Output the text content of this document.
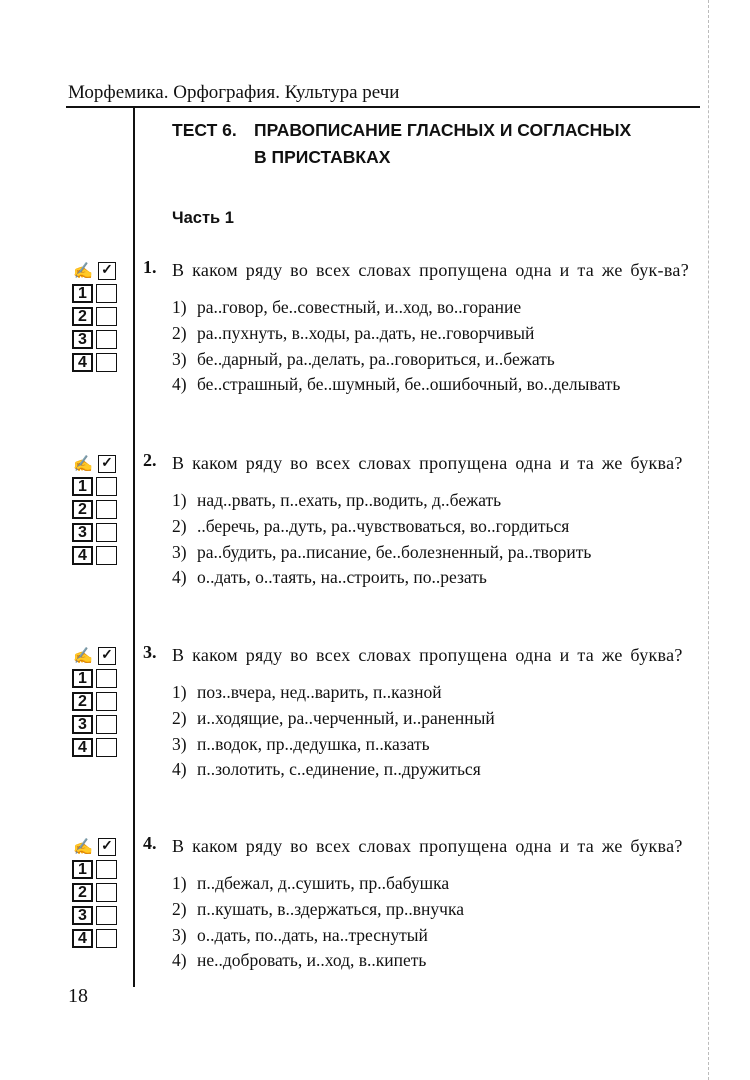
Морфемика. Орфография. Культура речи
ТЕСТ 6. ПРАВОПИСАНИЕ ГЛАСНЫХ И СОГЛАСНЫХ
В ПРИСТАВКАХ
Часть 1
✍ ✓
1
2
3
4
1. В каком ряду во всех словах пропущена одна и та же бук-ва?
1) ра..говор, бе..совестный, и..ход, во..горание
2) ра..пухнуть, в..ходы, ра..дать, не..говорчивый
3) бе..дарный, ра..делать, ра..говориться, и..бежать
4) бе..страшный, бе..шумный, бе..ошибочный, во..делывать
✍ ✓
1
2
3
4
2. В каком ряду во всех словах пропущена одна и та же буква?
1) над..рвать, п..ехать, пр..водить, д..бежать
2) ..беречь, ра..дуть, ра..чувствоваться, во..гордиться
3) ра..будить, ра..писание, бе..болезненный, ра..творить
4) о..дать, о..таять, на..строить, по..резать
✍ ✓
1
2
3
4
3. В каком ряду во всех словах пропущена одна и та же буква?
1) поз..вчера, нед..варить, п..казной
2) и..ходящие, ра..черченный, и..раненный
3) п..водок, пр..дедушка, п..казать
4) п..золотить, с..единение, п..дружиться
✍ ✓
1
2
3
4
4. В каком ряду во всех словах пропущена одна и та же буква?
1) п..дбежал, д..сушить, пр..бабушка
2) п..кушать, в..здержаться, пр..внучка
3) о..дать, по..дать, на..треснутый
4) не..добровать, и..ход, в..кипеть
18
